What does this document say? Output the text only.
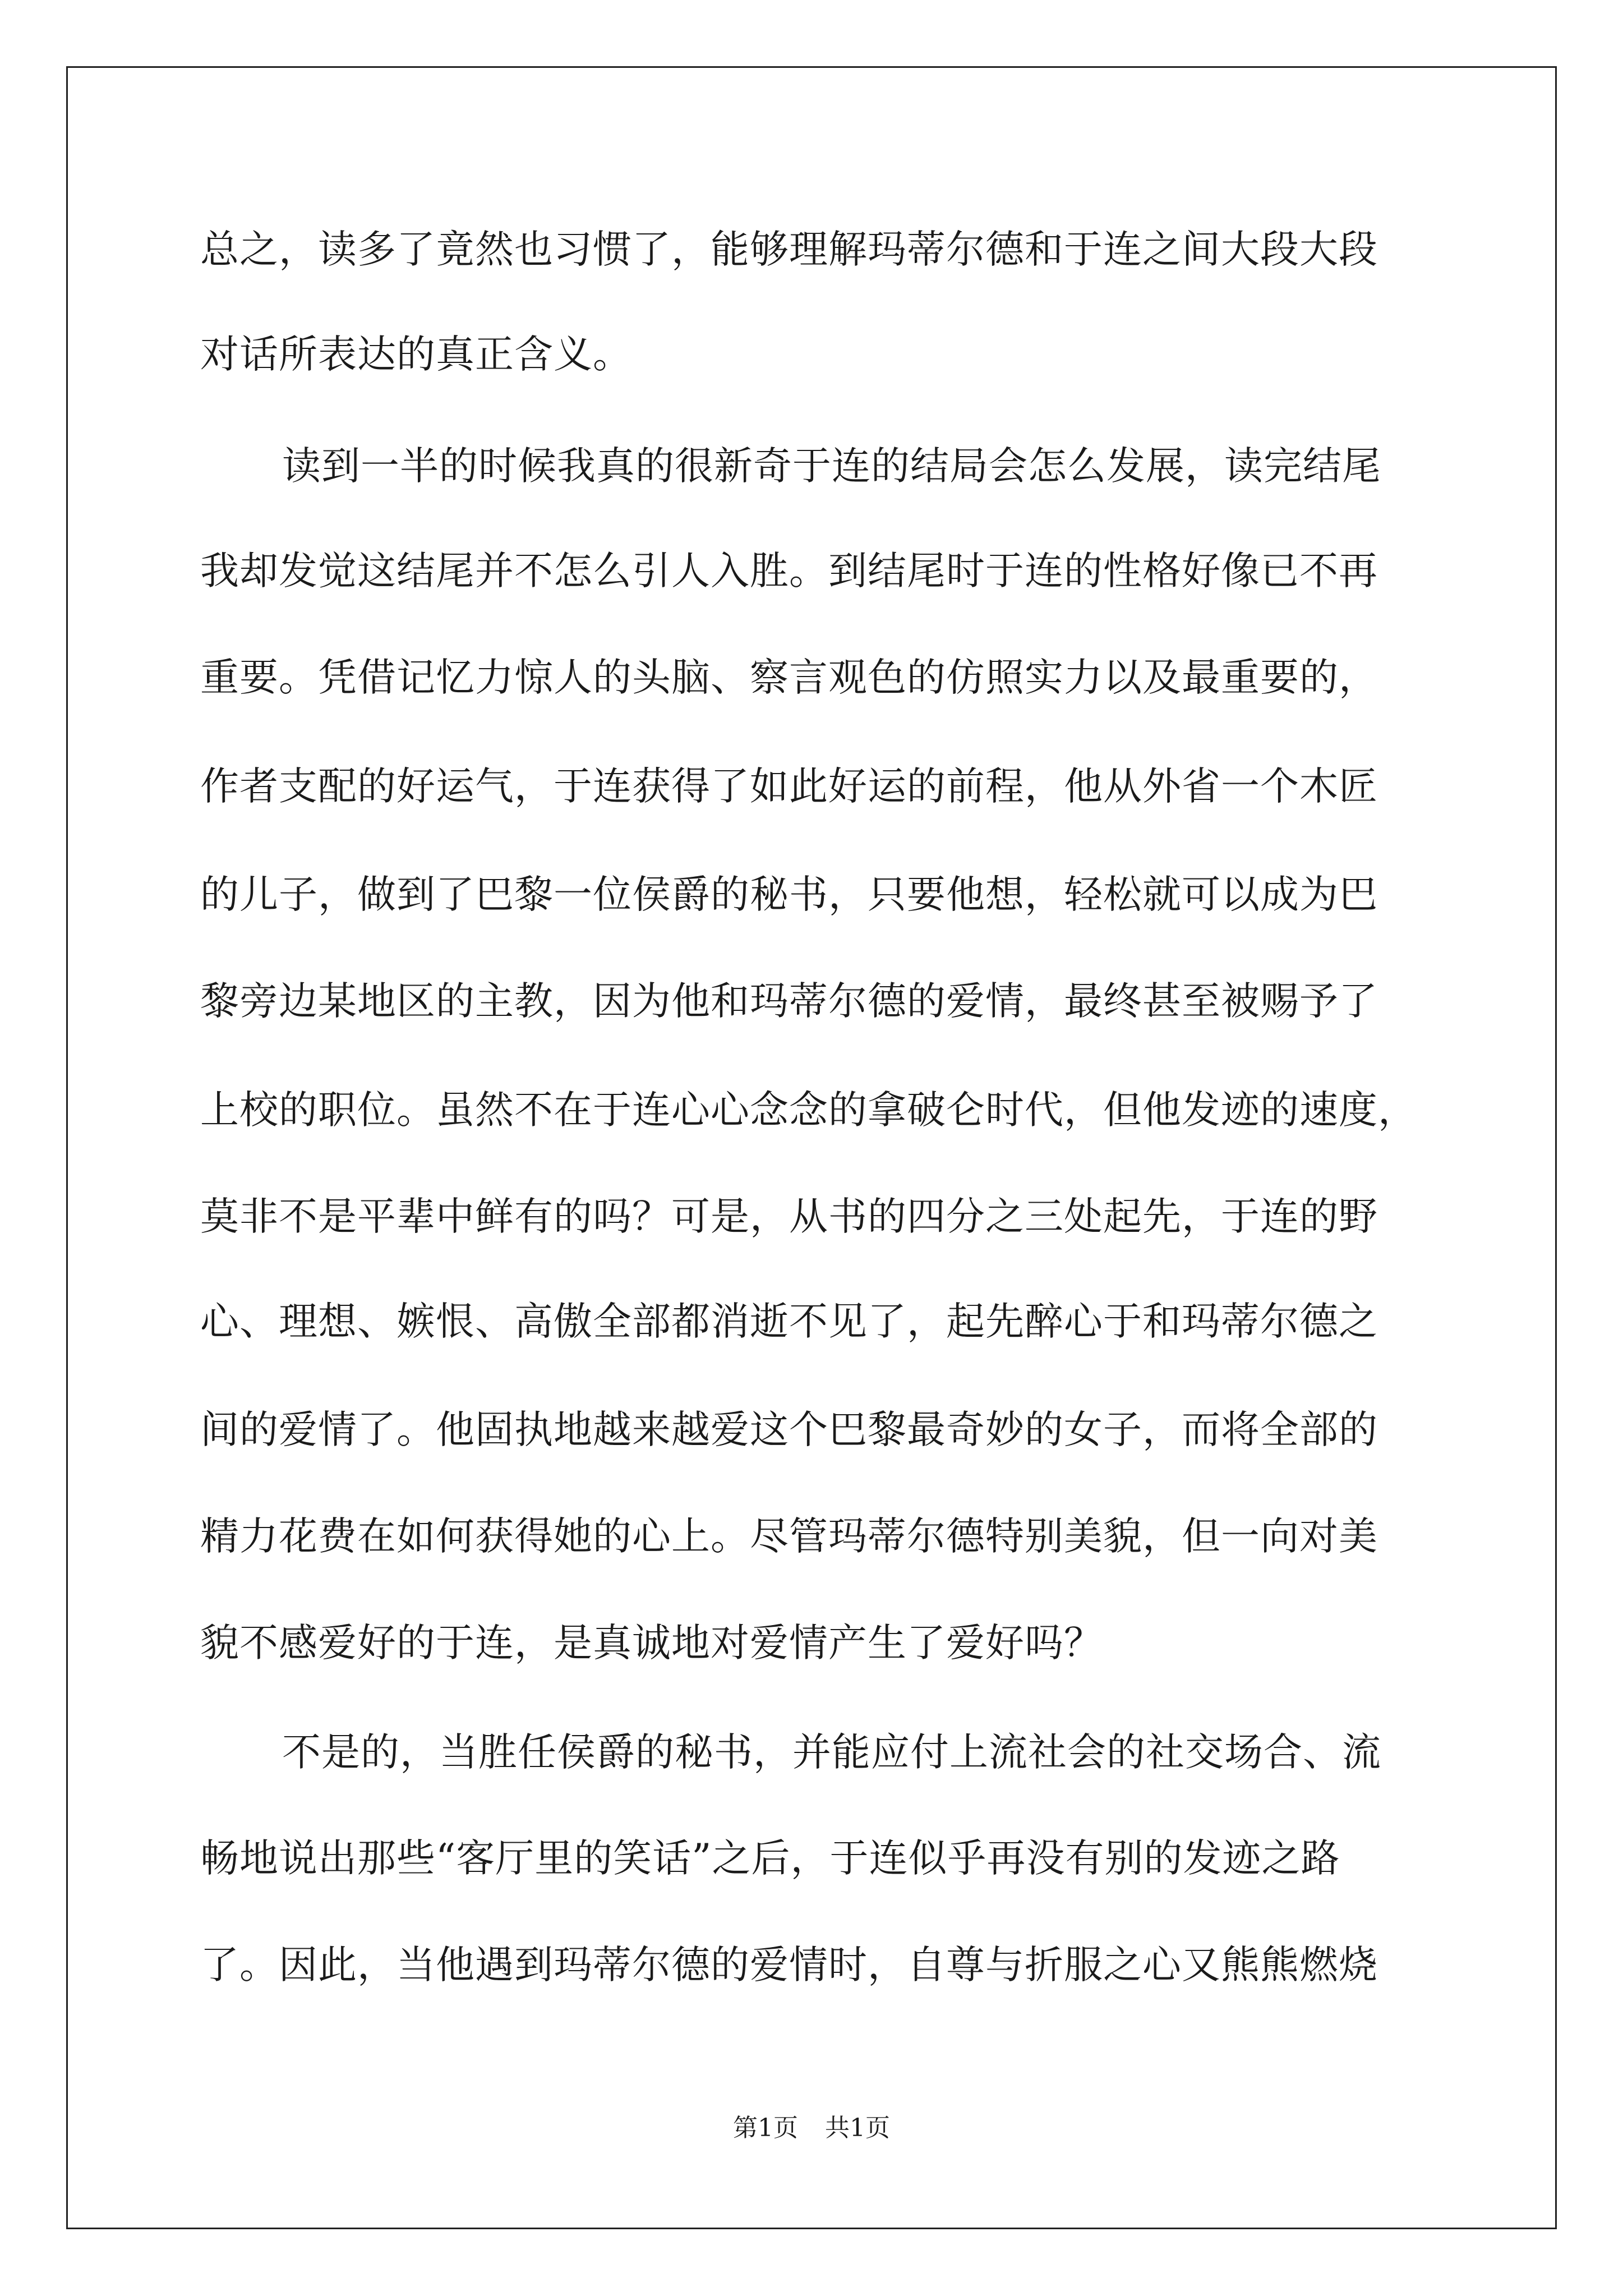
总之，读多了竟然也习惯了，能够理解玛蒂尔德和于连之间大段大段
对话所表达的真正含义。
读到一半的时候我真的很新奇于连的结局会怎么发展，读完结尾
我却发觉这结尾并不怎么引人入胜。到结尾时于连的性格好像已不再
重要。凭借记忆力惊人的头脑、察言观色的仿照实力以及最重要的，
作者支配的好运气，于连获得了如此好运的前程，他从外省一个木匠
的儿子，做到了巴黎一位侯爵的秘书，只要他想，轻松就可以成为巴
黎旁边某地区的主教，因为他和玛蒂尔德的爱情，最终甚至被赐予了
上校的职位。虽然不在于连心心念念的拿破仑时代，但他发迹的速度，
莫非不是平辈中鲜有的吗？可是，从书的四分之三处起先，于连的野
心、理想、嫉恨、高傲全部都消逝不见了，起先醉心于和玛蒂尔德之
间的爱情了。他固执地越来越爱这个巴黎最奇妙的女子，而将全部的
精力花费在如何获得她的心上。尽管玛蒂尔德特别美貌，但一向对美
貌不感爱好的于连，是真诚地对爱情产生了爱好吗？
不是的，当胜任侯爵的秘书，并能应付上流社会的社交场合、流
畅地说出那些“客厅里的笑话”之后，于连似乎再没有别的发迹之路
了。因此，当他遇到玛蒂尔德的爱情时，自尊与折服之心又熊熊燃烧
第1页 共1页
